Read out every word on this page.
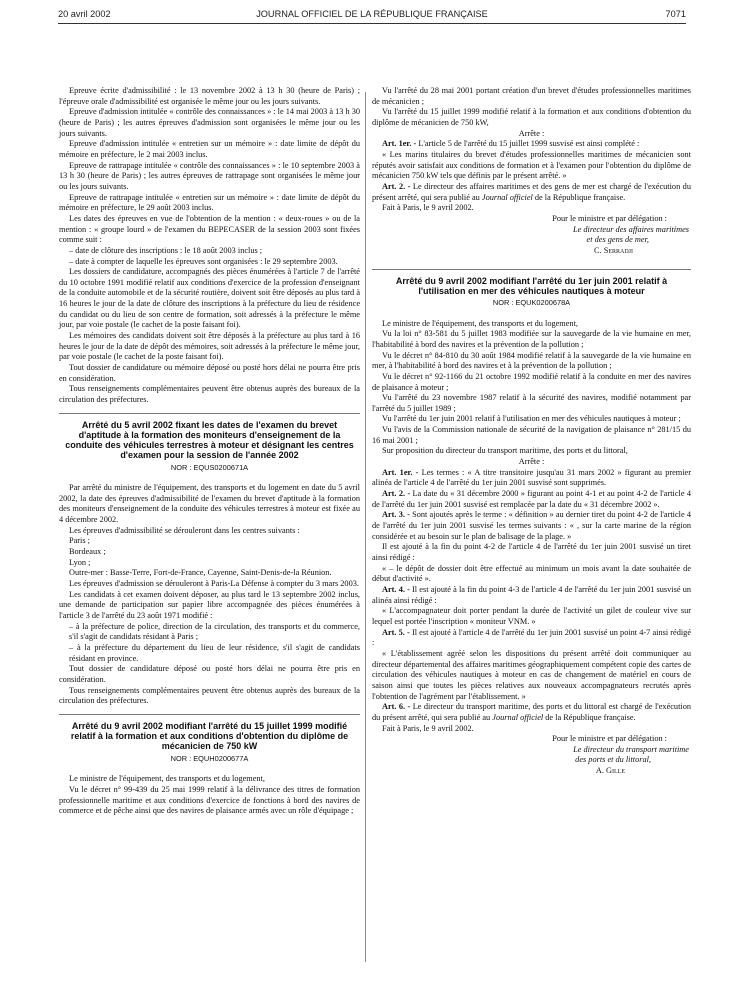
20 avril 2002	JOURNAL OFFICIEL DE LA RÉPUBLIQUE FRANÇAISE	7071

Epreuve écrite d'admissibilité : le 13 novembre 2002 à 13 h 30 (heure de Paris) ; l'épreuve orale d'admissibilité est organisée le même jour ou les jours suivants.

Epreuve d'admission intitulée « contrôle des connaissances » : le 14 mai 2003 à 13 h 30 (heure de Paris) ; les autres épreuves d'admission sont organisées le même jour ou les jours suivants.

Epreuve d'admission intitulée « entretien sur un mémoire » : date limite de dépôt du mémoire en préfecture, le 2 mai 2003 inclus.

Epreuve de rattrapage intitulée « contrôle des connaissances » : le 10 septembre 2003 à 13 h 30 (heure de Paris) ; les autres épreuves de rattrapage sont organisées le même jour ou les jours suivants.

Epreuve de rattrapage intitulée « entretien sur un mémoire » : date limite de dépôt du mémoire en préfecture, le 29 août 2003 inclus.

Les dates des épreuves en vue de l'obtention de la mention : « deux-roues » ou de la mention : « groupe lourd » de l'examen du BEPECASER de la session 2003 sont fixées comme suit :

– date de clôture des inscriptions : le 18 août 2003 inclus ;

– date à compter de laquelle les épreuves sont organisées : le 29 septembre 2003.

Les dossiers de candidature, accompagnés des pièces énumérées à l'article 7 de l'arrêté du 10 octobre 1991 modifié relatif aux conditions d'exercice de la profession d'enseignant de la conduite automobile et de la sécurité routière, doivent soit être déposés au plus tard à 16 heures le jour de la date de clôture des inscriptions à la préfecture du lieu de résidence du candidat ou du lieu de son centre de formation, soit adressés à la préfecture le même jour, par voie postale (le cachet de la poste faisant foi).

Les mémoires des candidats doivent soit être déposés à la préfecture au plus tard à 16 heures le jour de la date de dépôt des mémoires, soit adressés à la préfecture le même jour, par voie postale (le cachet de la poste faisant foi).

Tout dossier de candidature ou mémoire déposé ou posté hors délai ne pourra être pris en considération.

Tous renseignements complémentaires peuvent être obtenus auprès des bureaux de la circulation des préfectures.

Arrêté du 5 avril 2002 fixant les dates de l'examen du brevet d'aptitude à la formation des moniteurs d'enseignement de la conduite des véhicules terrestres à moteur et désignant les centres d'examen pour la session de l'année 2002
NOR : EQUS0200671A

Par arrêté du ministre de l'équipement, des transports et du logement en date du 5 avril 2002, la date des épreuves d'admissibilité de l'examen du brevet d'aptitude à la formation des moniteurs d'enseignement de la conduite des véhicules terrestres à moteur est fixée au 4 décembre 2002.

Les épreuves d'admissibilité se dérouleront dans les centres suivants :

Paris ;

Bordeaux ;

Lyon ;

Outre-mer : Basse-Terre, Fort-de-France, Cayenne, Saint-Denis-de-la Réunion.

Les épreuves d'admission se dérouleront à Paris-La Défense à compter du 3 mars 2003.

Les candidats à cet examen doivent déposer, au plus tard le 13 septembre 2002 inclus, une demande de participation sur papier libre accompagnée des pièces énumérées à l'article 3 de l'arrêté du 23 août 1971 modifié :

– à la préfecture de police, direction de la circulation, des transports et du commerce, s'il s'agit de candidats résidant à Paris ;

– à la préfecture du département du lieu de leur résidence, s'il s'agit de candidats résidant en province.

Tout dossier de candidature déposé ou posté hors délai ne pourra être pris en considération.

Tous renseignements complémentaires peuvent être obtenus auprès des bureaux de la circulation des préfectures.

Arrêté du 9 avril 2002 modifiant l'arrêté du 15 juillet 1999 modifié relatif à la formation et aux conditions d'obtention du diplôme de mécanicien de 750 kW
NOR : EQUH0200677A

Le ministre de l'équipement, des transports et du logement,

Vu le décret n° 99-439 du 25 mai 1999 relatif à la délivrance des titres de formation professionnelle maritime et aux conditions d'exercice de fonctions à bord des navires de commerce et de pêche ainsi que des navires de plaisance armés avec un rôle d'équipage ;

Vu l'arrêté du 28 mai 2001 portant création d'un brevet d'études professionnelles maritimes de mécanicien ;

Vu l'arrêté du 15 juillet 1999 modifié relatif à la formation et aux conditions d'obtention du diplôme de mécanicien de 750 kW,

Arrête :

Art. 1er. - L'article 5 de l'arrêté du 15 juillet 1999 susvisé est ainsi complété :

« Les marins titulaires du brevet d'études professionnelles maritimes de mécanicien sont réputés avoir satisfait aux conditions de formation et à l'examen pour l'obtention du diplôme de mécanicien 750 kW tels que définis par le présent arrêté. »

Art. 2. - Le directeur des affaires maritimes et des gens de mer est chargé de l'exécution du présent arrêté, qui sera publié au Journal officiel de la République française.

Fait à Paris, le 9 avril 2002.

Pour le ministre et par délégation :

Le directeur des affaires maritimes

et des gens de mer,

C. Serradji

Arrêté du 9 avril 2002 modifiant l'arrêté du 1er juin 2001 relatif à l'utilisation en mer des véhicules nautiques à moteur
NOR : EQUK0200678A

Le ministre de l'équipement, des transports et du logement,

Vu la loi n° 83-581 du 5 juillet 1983 modifiée sur la sauvegarde de la vie humaine en mer, l'habitabilité à bord des navires et la prévention de la pollution ;

Vu le décret n° 84-810 du 30 août 1984 modifié relatif à la sauvegarde de la vie humaine en mer, à l'habitabilité à bord des navires et à la prévention de la pollution ;

Vu le décret n° 92-1166 du 21 octobre 1992 modifié relatif à la conduite en mer des navires de plaisance à moteur ;

Vu l'arrêté du 23 novembre 1987 relatif à la sécurité des navires, modifié notamment par l'arrêté du 5 juillet 1989 ;

Vu l'arrêté du 1er juin 2001 relatif à l'utilisation en mer des véhicules nautiques à moteur ;

Vu l'avis de la Commission nationale de sécurité de la navigation de plaisance n° 281/15 du 16 mai 2001 ;

Sur proposition du directeur du transport maritime, des ports et du littoral,

Arrête :

Art. 1er. - Les termes : « A titre transitoire jusqu'au 31 mars 2002 » figurant au premier alinéa de l'article 4 de l'arrêté du 1er juin 2001 susvisé sont supprimés.

Art. 2. - La date du « 31 décembre 2000 » figurant au point 4-1 et au point 4-2 de l'article 4 de l'arrêté du 1er juin 2001 susvisé est remplacée par la date du « 31 décembre 2002 ».

Art. 3. - Sont ajoutés après le terme : « définition » au dernier tiret du point 4-2 de l'article 4 de l'arrêté du 1er juin 2001 susvisé les termes suivants : « , sur la carte marine de la région considérée et au besoin sur le plan de balisage de la plage. »

Il est ajouté à la fin du point 4-2 de l'article 4 de l'arrêté du 1er juin 2001 susvisé un tiret ainsi rédigé :

« – le dépôt de dossier doit être effectué au minimum un mois avant la date souhaitée de début d'activité ».

Art. 4. - Il est ajouté à la fin du point 4-3 de l'article 4 de l'arrêté du 1er juin 2001 susvisé un alinéa ainsi rédigé :

« L'accompagnateur doit porter pendant la durée de l'activité un gilet de couleur vive sur lequel est portée l'inscription « moniteur VNM. »

Art. 5. - Il est ajouté à l'article 4 de l'arrêté du 1er juin 2001 susvisé un point 4-7 ainsi rédigé :

« L'établissement agréé selon les dispositions du présent arrêté doit communiquer au directeur départemental des affaires maritimes géographiquement compétent copie des cartes de circulation des véhicules nautiques à moteur en cas de changement de matériel en cours de saison ainsi que toutes les pièces relatives aux nouveaux accompagnateurs recrutés après l'obtention de l'agrément par l'établissement. »

Art. 6. - Le directeur du transport maritime, des ports et du littoral est chargé de l'exécution du présent arrêté, qui sera publié au Journal officiel de la République française.

Fait à Paris, le 9 avril 2002.

Pour le ministre et par délégation :

Le directeur du transport maritime

des ports et du littoral,

A. Gille
